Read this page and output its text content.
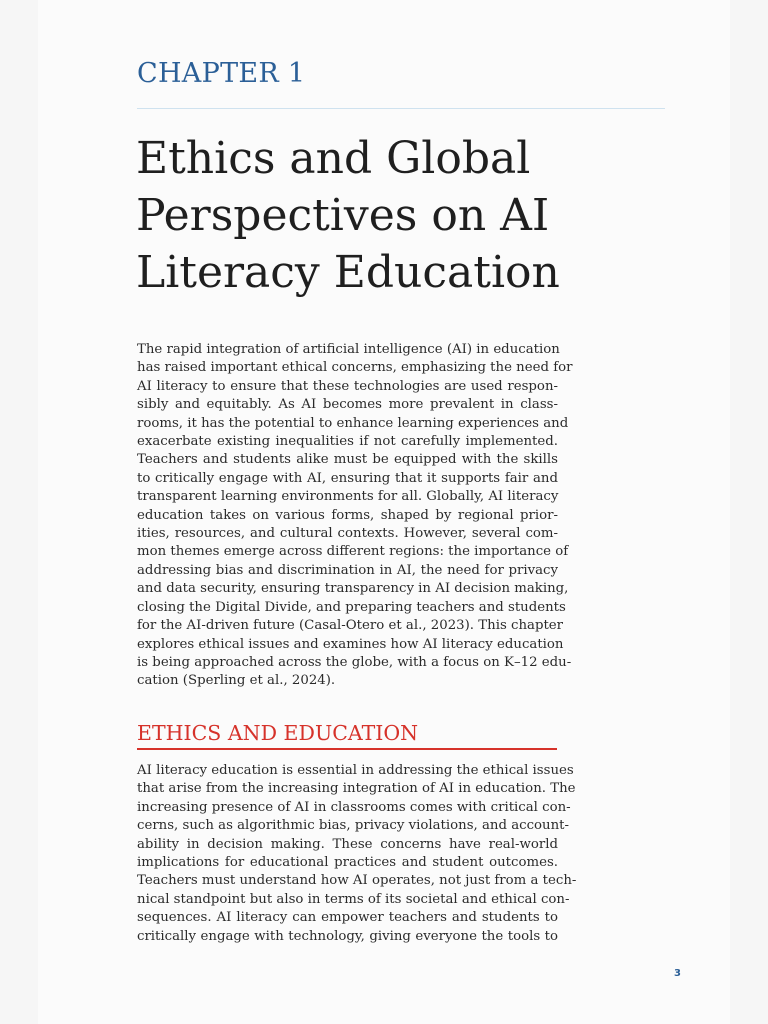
CHAPTER 1
Ethics and Global
Perspectives on AI
Literacy Education
The rapid integration of artificial intelligence (AI) in education
has raised important ethical concerns, emphasizing the need for
AI literacy to ensure that these technologies are used respon-
sibly and equitably. As AI becomes more prevalent in class-
rooms, it has the potential to enhance learning experiences and
exacerbate existing inequalities if not carefully implemented.
Teachers and students alike must be equipped with the skills
to critically engage with AI, ensuring that it supports fair and
transparent learning environments for all. Globally, AI literacy
education takes on various forms, shaped by regional prior-
ities, resources, and cultural contexts. However, several com-
mon themes emerge across different regions: the importance of
addressing bias and discrimination in AI, the need for privacy
and data security, ensuring transparency in AI decision making,
closing the Digital Divide, and preparing teachers and students
for the AI-driven future (Casal-Otero et al., 2023). This chapter
explores ethical issues and examines how AI literacy education
is being approached across the globe, with a focus on K–12 edu-
cation (Sperling et al., 2024).
ETHICS AND EDUCATION
AI literacy education is essential in addressing the ethical issues
that arise from the increasing integration of AI in education. The
increasing presence of AI in classrooms comes with critical con-
cerns, such as algorithmic bias, privacy violations, and account-
ability in decision making. These concerns have real-world
implications for educational practices and student outcomes.
Teachers must understand how AI operates, not just from a tech-
nical standpoint but also in terms of its societal and ethical con-
sequences. AI literacy can empower teachers and students to
critically engage with technology, giving everyone the tools to
3
